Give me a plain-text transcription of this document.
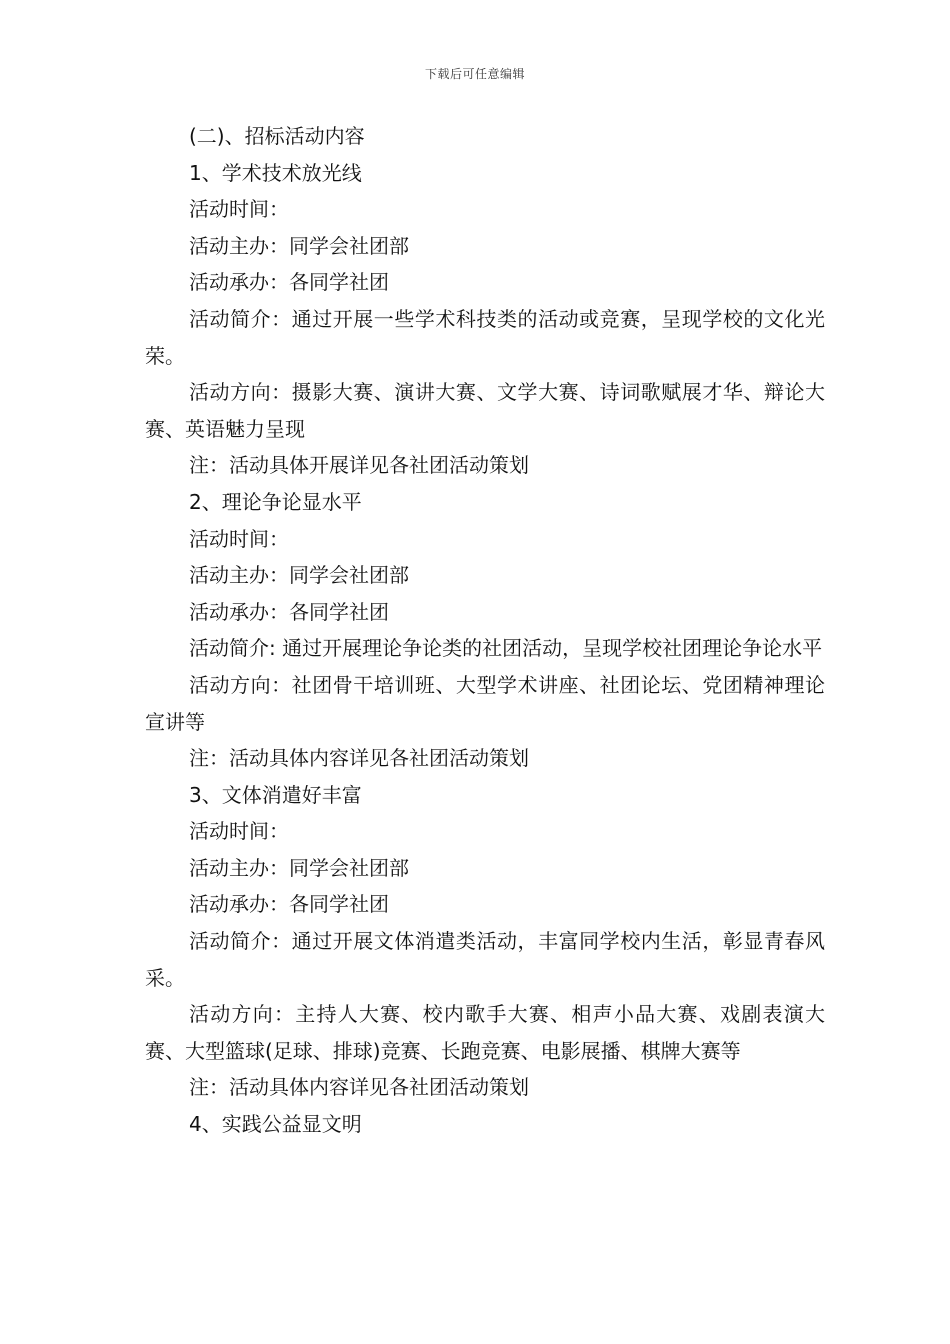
下载后可任意编辑

(二)、招标活动内容

1、学术技术放光线

活动时间：

活动主办：同学会社团部

活动承办：各同学社团

活动简介：通过开展一些学术科技类的活动或竞赛，呈现学校的文化光荣。

活动方向：摄影大赛、演讲大赛、文学大赛、诗词歌赋展才华、辩论大赛、英语魅力呈现

注：活动具体开展详见各社团活动策划

2、理论争论显水平

活动时间：

活动主办：同学会社团部

活动承办：各同学社团

活动简介: 通过开展理论争论类的社团活动，呈现学校社团理论争论水平

活动方向：社团骨干培训班、大型学术讲座、社团论坛、党团精神理论宣讲等

注：活动具体内容详见各社团活动策划

3、文体消遣好丰富

活动时间：

活动主办：同学会社团部

活动承办：各同学社团

活动简介：通过开展文体消遣类活动，丰富同学校内生活，彰显青春风采。

活动方向：主持人大赛、校内歌手大赛、相声小品大赛、戏剧表演大赛、大型篮球(足球、排球)竞赛、长跑竞赛、电影展播、棋牌大赛等

注：活动具体内容详见各社团活动策划

4、实践公益显文明
